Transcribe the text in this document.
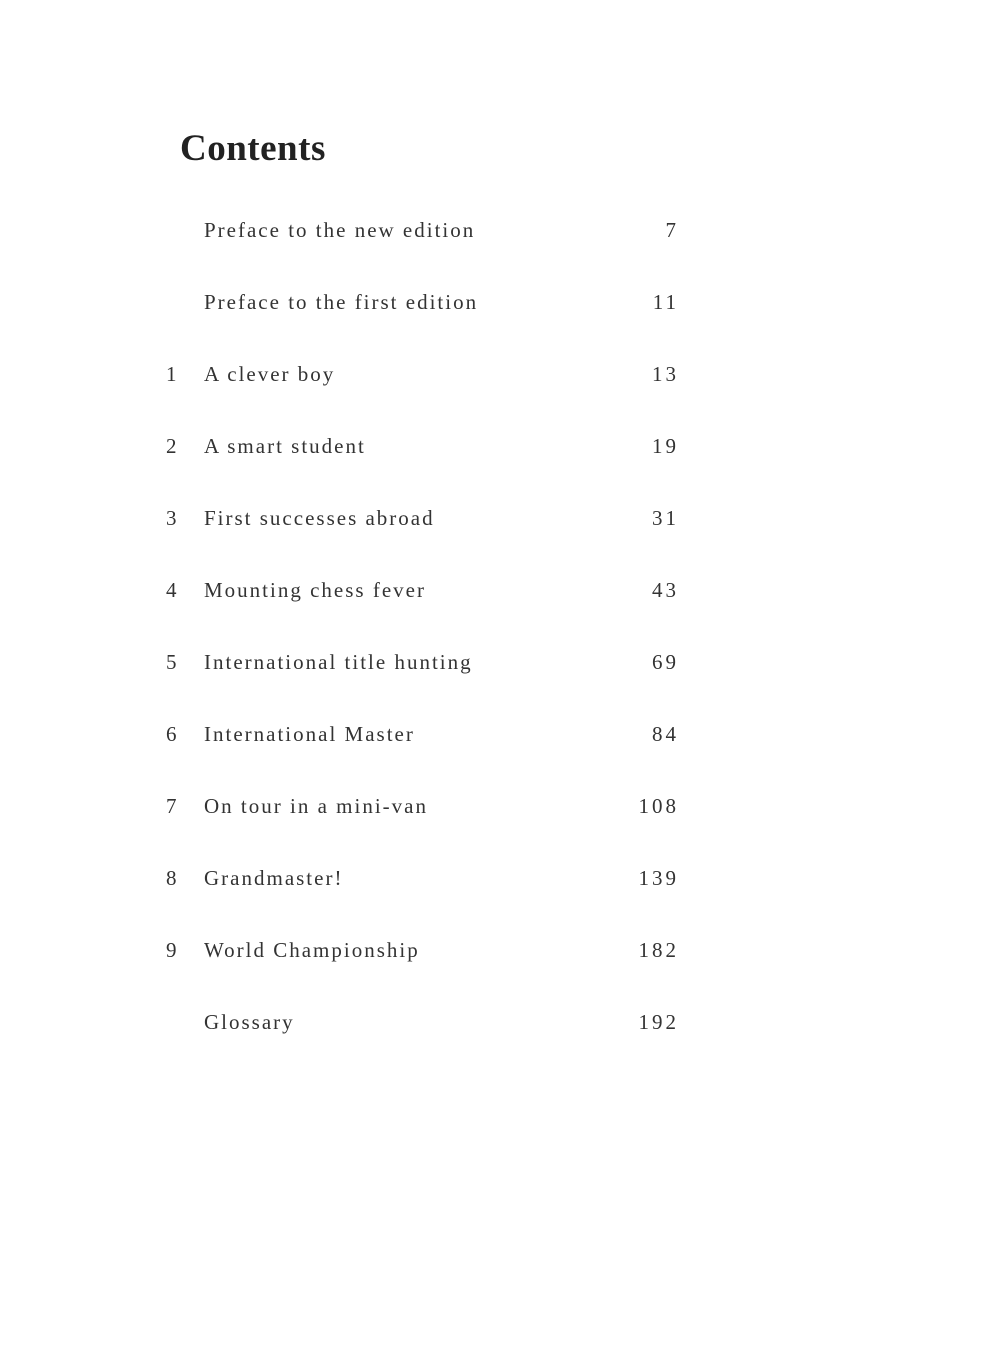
Contents
Preface to the new edition	7
Preface to the first edition	11
1	A clever boy	13
2	A smart student	19
3	First successes abroad	31
4	Mounting chess fever	43
5	International title hunting	69
6	International Master	84
7	On tour in a mini-van	108
8	Grandmaster!	139
9	World Championship	182
Glossary	192
